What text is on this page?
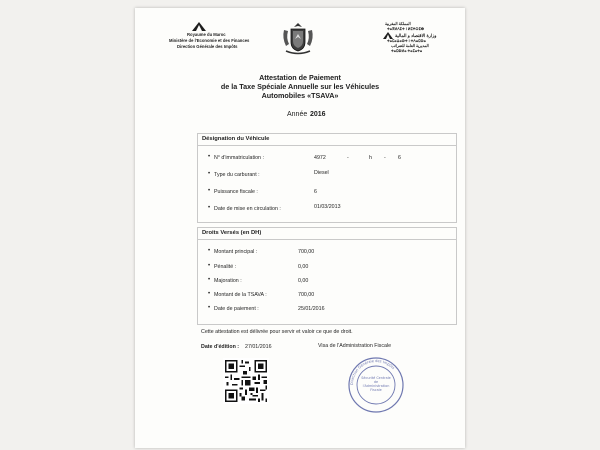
Royaume du Maroc
Ministère de l'Economie et des Finances
Direction Générale des Impôts
المملكة المغربية
ⵜⴰⴳⵍⴷⵉⵜ ⵏ ⵍⵎⵖⵔⵉⴱ
وزارة الاقتصاد و المالية
ⵜⴰⵎⴰⵡⴰⵙⵜ ⵏ ⵜⴷⴰⵎⵙⴰ
المديرية العامة للضرائب
ⵜⴰⵎⵀⵍⴰ ⵜⴰⵎⴰⵜⴰ
Attestation de Paiement
de la Taxe Spéciale Annuelle sur les Véhicules
Automobiles «TSAVA»
Année 2016
Désignation du Véhicule
• N° d'immatriculation :	4972	-	h - 6
• Type du carburant :	Diesel
• Puissance fiscale :	6
• Date de mise en circulation :	01/03/2013
Droits Versés (en DH)
• Montant principal :	700,00
• Pénalité :	0,00
• Majoration :	0,00
• Montant de la TSAVA :	700,00
• Date de paiement :	25/01/2016
Cette attestation est délivrée pour servir et valoir ce que de droit.
Date d'édition : 27/01/2016	Visa de l'Administration Fiscale
Direction Générale des Impôts
Sécurité Centrale de l'Administration Fiscale
